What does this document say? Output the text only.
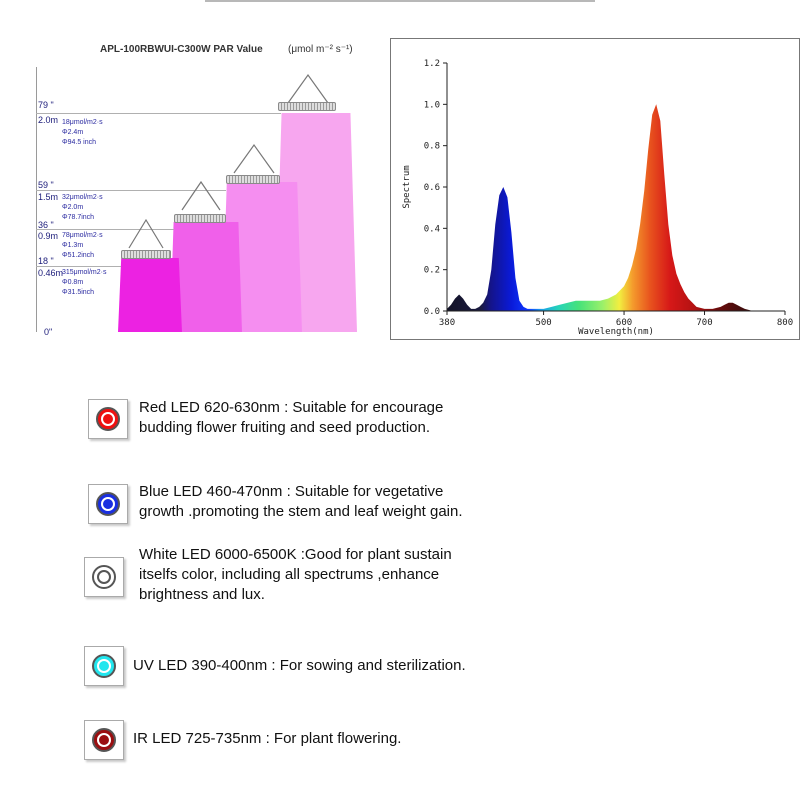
APL-100RBWUI-C300W PAR Value	(μmol m⁻² s⁻¹)
79 "
2.0m
59 "
1.5m
36 "
0.9m
18 "
0.46m
0"
18μmol/m2·s
Φ2.4m
Φ94.5 inch
32μmol/m2·s
Φ2.0m
Φ78.7inch
78μmol/m2·s
Φ1.3m
Φ51.2inch
315μmol/m2·s
Φ0.8m
Φ31.5inch
0.0
0.2
0.4
0.6
0.8
1.0
1.2
380	500	600	700	800
Wavelength(nm)
Spectrum
Red LED 620-630nm : Suitable for encourage
budding flower fruiting and seed production.
Blue LED 460-470nm : Suitable for vegetative
growth .promoting the stem and leaf weight gain.
White LED 6000-6500K :Good for plant sustain
itselfs color, including all spectrums ,enhance
brightness and lux.
UV LED 390-400nm : For sowing and sterilization.
IR LED 725-735nm : For plant flowering.
